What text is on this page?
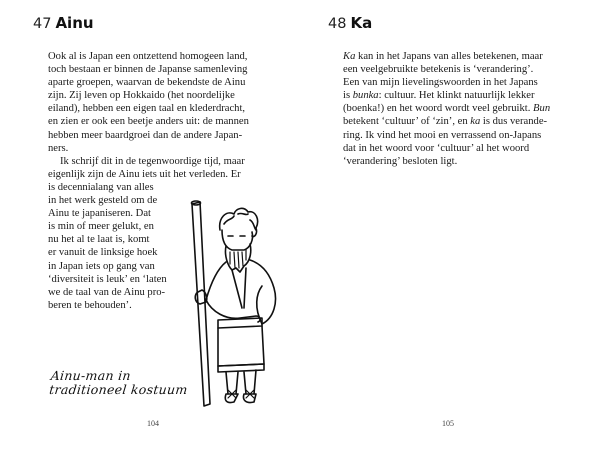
47 Ainu

Ook al is Japan een ontzettend homogeen land,
toch bestaan er binnen de Japanse samenleving
aparte groepen, waarvan de bekendste de Ainu
zijn. Zij leven op Hokkaido (het noordelijke
eiland), hebben een eigen taal en klederdracht,
en zien er ook een beetje anders uit: de mannen
hebben meer baardgroei dan de andere Japan-
ners.

Ik schrijf dit in de tegenwoordige tijd, maar
eigenlijk zijn de Ainu iets uit het verleden. Er
is decennialang van alles
in het werk gesteld om de
Ainu te japaniseren. Dat
is min of meer gelukt, en
nu het al te laat is, komt
er vanuit de linksige hoek
in Japan iets op gang van
‘diversiteit is leuk’ en ‘laten
we de taal van de Ainu pro-
beren te behouden’.

Ainu-man in
traditioneel kostuum
104
48 Ka

Ka kan in het Japans van alles betekenen, maar
een veelgebruikte betekenis is ‘verandering’.
Een van mijn lievelingswoorden in het Japans
is bunka: cultuur. Het klinkt natuurlijk lekker
(boenka!) en het woord wordt veel gebruikt. Bun
betekent ‘cultuur’ of ‘zin’, en ka is dus verande-
ring. Ik vind het mooi en verrassend on-Japans
dat in het woord voor ‘cultuur’ al het woord
‘verandering’ besloten ligt.

105
